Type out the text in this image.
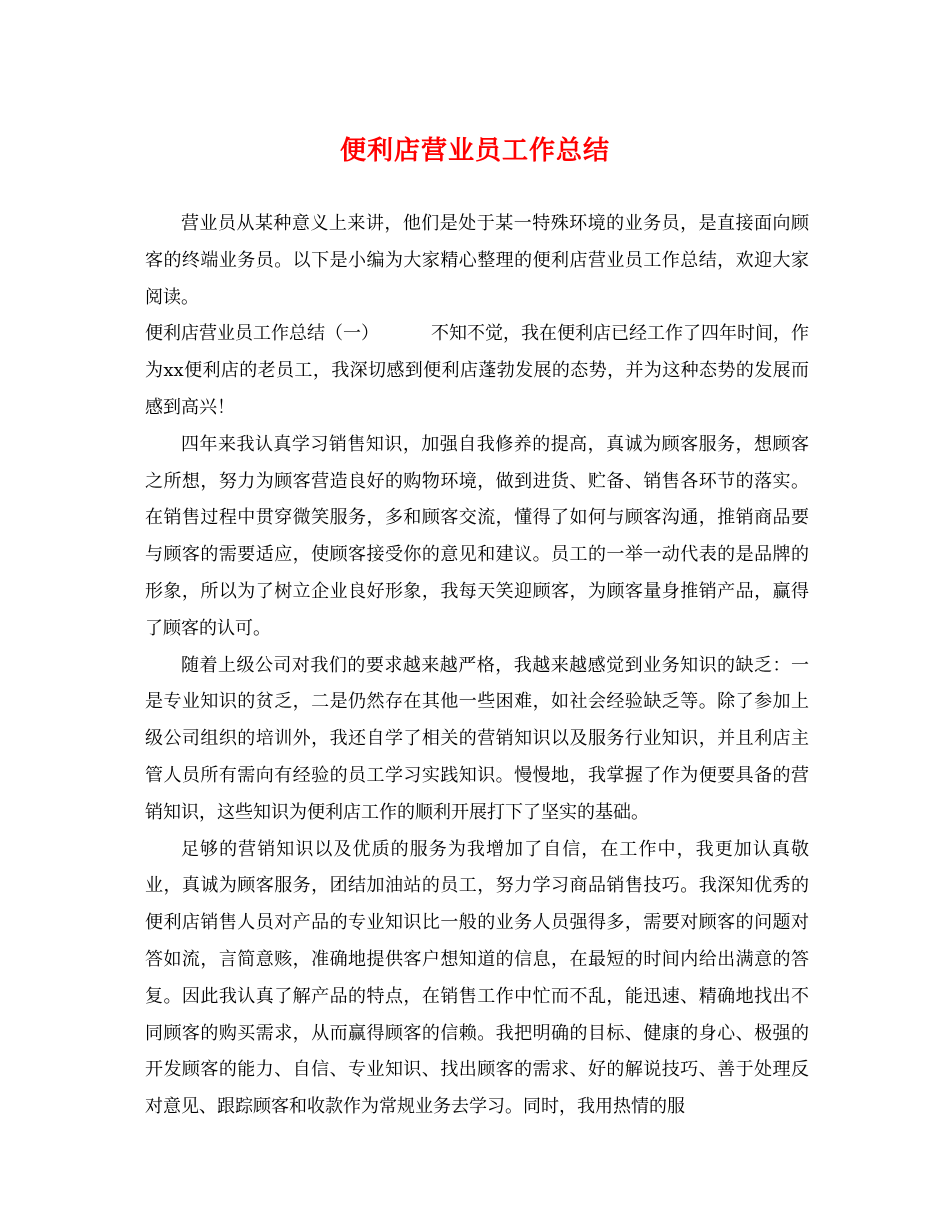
便利店营业员工作总结

营业员从某种意义上来讲，他们是处于某一特殊环境的业务员，是直接面向顾客的终端业务员。以下是小编为大家精心整理的便利店营业员工作总结，欢迎大家阅读。

便利店营业员工作总结（一）	不知不觉，我在便利店已经工作了四年时间，作为xx便利店的老员工，我深切感到便利店蓬勃发展的态势，并为这种态势的发展而感到高兴！

四年来我认真学习销售知识，加强自我修养的提高，真诚为顾客服务，想顾客之所想，努力为顾客营造良好的购物环境，做到进货、贮备、销售各环节的落实。在销售过程中贯穿微笑服务，多和顾客交流，懂得了如何与顾客沟通，推销商品要与顾客的需要适应，使顾客接受你的意见和建议。员工的一举一动代表的是品牌的形象，所以为了树立企业良好形象，我每天笑迎顾客，为顾客量身推销产品，赢得了顾客的认可。

随着上级公司对我们的要求越来越严格，我越来越感觉到业务知识的缺乏：一是专业知识的贫乏，二是仍然存在其他一些困难，如社会经验缺乏等。除了参加上级公司组织的培训外，我还自学了相关的营销知识以及服务行业知识，并且利店主管人员所有需向有经验的员工学习实践知识。慢慢地，我掌握了作为便要具备的营销知识，这些知识为便利店工作的顺利开展打下了坚实的基础。

足够的营销知识以及优质的服务为我增加了自信，在工作中，我更加认真敬业，真诚为顾客服务，团结加油站的员工，努力学习商品销售技巧。我深知优秀的便利店销售人员对产品的专业知识比一般的业务人员强得多，需要对顾客的问题对答如流，言简意赅，准确地提供客户想知道的信息，在最短的时间内给出满意的答复。因此我认真了解产品的特点，在销售工作中忙而不乱，能迅速、精确地找出不同顾客的购买需求，从而赢得顾客的信赖。我把明确的目标、健康的身心、极强的开发顾客的能力、自信、专业知识、找出顾客的需求、好的解说技巧、善于处理反对意见、跟踪顾客和收款作为常规业务去学习。同时，我用热情的服
